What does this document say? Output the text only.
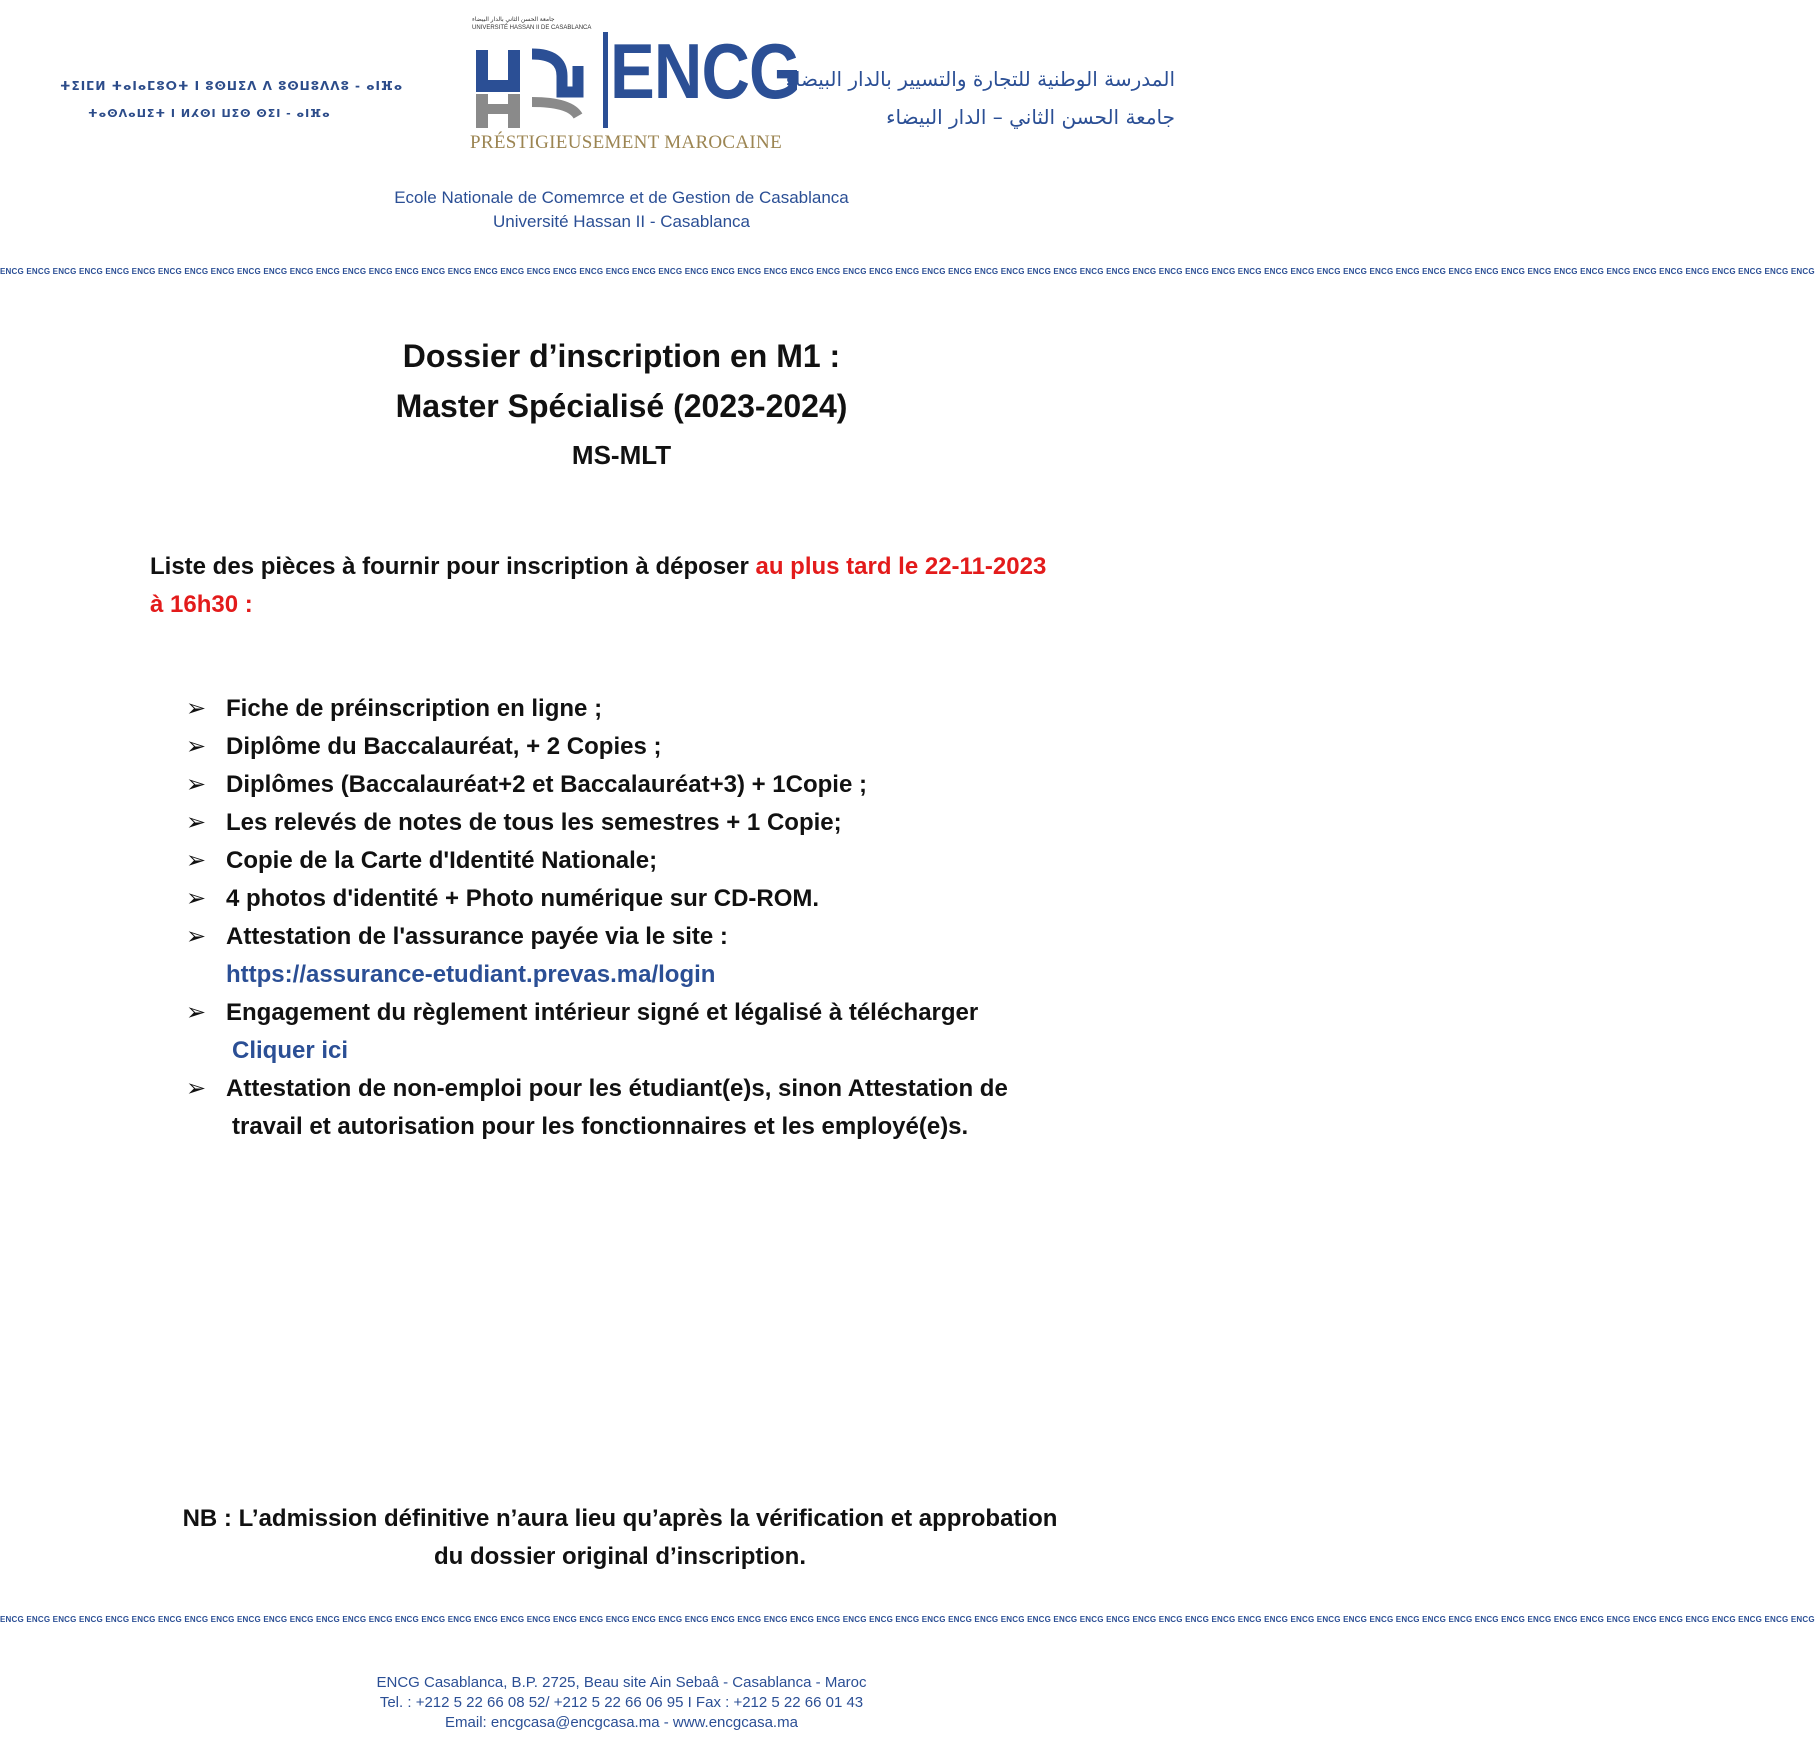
ⵜⵉⵏⵎⵍ ⵜⴰⵏⴰⵎⵓⵔⵜ ⵏ ⵓⵙⵡⵉⴷ ⴷ ⵓⵙⵡⵓⴷⴷⵓ - ⴰⵏⴼⴰ
ⵜⴰⵙⴷⴰⵡⵉⵜ ⵏ ⵍⵃⵙⵏ ⵡⵉⵙ ⵙⵉⵏ - ⴰⵏⴼⴰ
جامعة الحسن الثاني بالدار البيضاء UNIVERSITÉ HASSAN II DE CASABLANCA ENCG
PRÉSTIGIEUSEMENT MAROCAINE
المدرسة الوطنية للتجارة والتسيير بالدار البيضاء
جامعة الحسن الثاني – الدار البيضاء
Ecole Nationale de Comemrce et de Gestion de Casablanca
Université Hassan II - Casablanca
ENCG ENCG ENCG ENCG ENCG ENCG ENCG ENCG ENCG ENCG ENCG ENCG ENCG ENCG ENCG ENCG ENCG ENCG ENCG ENCG ENCG ENCG ENCG ENCG ENCG ENCG ENCG ENCG ENCG ENCG ENCG ENCG ENCG ENCG ENCG ENCG ENCG ENCG ENCG ENCG ENCG ENCG ENCG ENCG ENCG ENCG ENCG ENCG ENCG ENCG ENCG ENCG ENCG ENCG ENCG ENCG ENCG ENCG ENCG ENCG ENCG ENCG ENCG ENCG ENCG ENCG ENCG ENCG ENCG
Dossier d’inscription en M1 :
Master Spécialisé (2023-2024)
MS-MLT
Liste des pièces à fournir pour inscription à déposer au plus tard le 22-11-2023 à 16h30 :
➢ Fiche de préinscription en ligne ;
➢ Diplôme du Baccalauréat, + 2 Copies ;
➢ Diplômes (Baccalauréat+2 et Baccalauréat+3) + 1Copie ;
➢ Les relevés de notes de tous les semestres + 1 Copie;
➢ Copie de la Carte d'Identité Nationale;
➢ 4 photos d'identité + Photo numérique sur CD-ROM.
➢ Attestation de l'assurance payée via le site :
https://assurance-etudiant.prevas.ma/login
➢ Engagement du règlement intérieur signé et légalisé à télécharger
Cliquer ici
➢ Attestation de non-emploi pour les étudiant(e)s, sinon Attestation de
travail et autorisation pour les fonctionnaires et les employé(e)s.
NB : L’admission définitive n’aura lieu qu’après la vérification et approbation
du dossier original d’inscription.
ENCG ENCG ENCG ENCG ENCG ENCG ENCG ENCG ENCG ENCG ENCG ENCG ENCG ENCG ENCG ENCG ENCG ENCG ENCG ENCG ENCG ENCG ENCG ENCG ENCG ENCG ENCG ENCG ENCG ENCG ENCG ENCG ENCG ENCG ENCG ENCG ENCG ENCG ENCG ENCG ENCG ENCG ENCG ENCG ENCG ENCG ENCG ENCG ENCG ENCG ENCG ENCG ENCG ENCG ENCG ENCG ENCG ENCG ENCG ENCG ENCG ENCG ENCG ENCG ENCG ENCG ENCG ENCG ENCG
ENCG Casablanca, B.P. 2725, Beau site Ain Sebaâ - Casablanca - Maroc
Tel. : +212 5 22 66 08 52/ +212 5 22 66 06 95 I Fax : +212 5 22 66 01 43
Email: encgcasa@encgcasa.ma - www.encgcasa.ma
